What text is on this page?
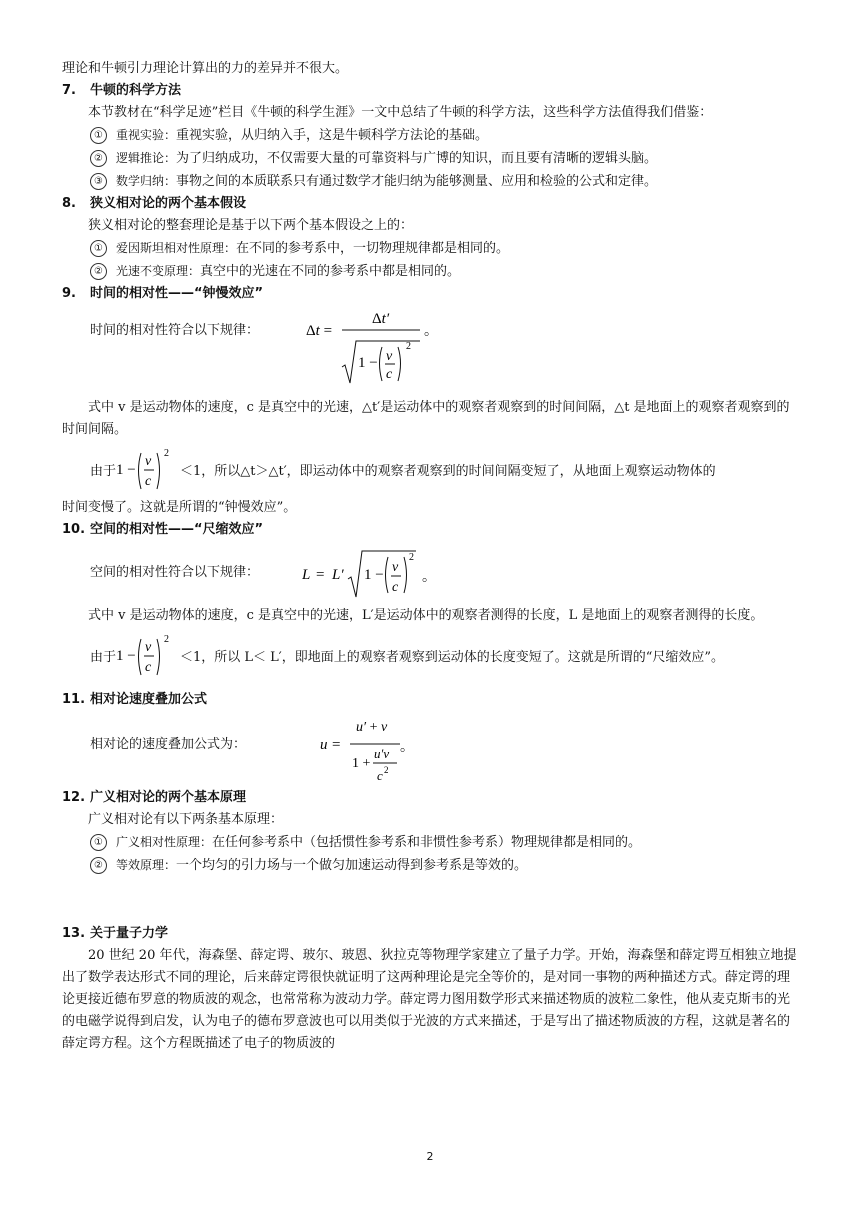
理论和牛顿引力理论计算出的力的差异并不很大。

7. 牛顿的科学方法

本节教材在“科学足迹”栏目《牛顿的科学生涯》一文中总结了牛顿的科学方法，这些科学方法值得我们借鉴：

① 重视实验：重视实验，从归纳入手，这是牛顿科学方法论的基础。

② 逻辑推论：为了归纳成功，不仅需要大量的可靠资料与广博的知识，而且要有清晰的逻辑头脑。

③ 数学归纳：事物之间的本质联系只有通过数学才能归纳为能够测量、应用和检验的公式和定律。

8. 狭义相对论的两个基本假设

狭义相对论的整套理论是基于以下两个基本假设之上的：

① 爱因斯坦相对性原理：在不同的参考系中，一切物理规律都是相同的。

② 光速不变原理：真空中的光速在不同的参考系中都是相同的。

9. 时间的相对性——“钟慢效应”

时间的相对性符合以下规律：	Δt =
Δt′
1 − v
c
2
。

式中 v 是运动物体的速度，c 是真空中的光速，△t′是运动体中的观察者观察到的时间间隔，△t 是地面上的观察者观察到的时间间隔。

由于 1 −
v
c
2
＜1，所以△t＞△t′，即运动体中的观察者观察到的时间间隔变短了，从地面上观察运动物体的

时间变慢了。这就是所谓的“钟慢效应”。

10. 空间的相对性——“尺缩效应”

空间的相对性符合以下规律：	L = L′ 1 − v
c
2
。

式中 v 是运动物体的速度，c 是真空中的光速，L′是运动体中的观察者测得的长度，L 是地面上的观察者测得的长度。

由于 1 −
v
c
2
＜1，所以 L＜ L′，即地面上的观察者观察到运动体的长度变短了。这就是所谓的“尺缩效应”。

11. 相对论速度叠加公式

相对论的速度叠加公式为：	u =
u′ + v
1 +
u′v
c 2
。

12. 广义相对论的两个基本原理

广义相对论有以下两条基本原理：

① 广义相对性原理：在任何参考系中（包括惯性参考系和非惯性参考系）物理规律都是相同的。

② 等效原理：一个均匀的引力场与一个做匀加速运动得到参考系是等效的。

13. 关于量子力学

20 世纪 20 年代，海森堡、薛定谔、玻尔、玻恩、狄拉克等物理学家建立了量子力学。开始，海森堡和薛定谔互相独立地提出了数学表达形式不同的理论，后来薛定谔很快就证明了这两种理论是完全等价的，是对同一事物的两种描述方式。薛定谔的理论更接近德布罗意的物质波的观念，也常常称为波动力学。薛定谔力图用数学形式来描述物质的波粒二象性，他从麦克斯韦的光的电磁学说得到启发，认为电子的德布罗意波也可以用类似于光波的方式来描述，于是写出了描述物质波的方程，这就是著名的薛定谔方程。这个方程既描述了电子的物质波的

2
